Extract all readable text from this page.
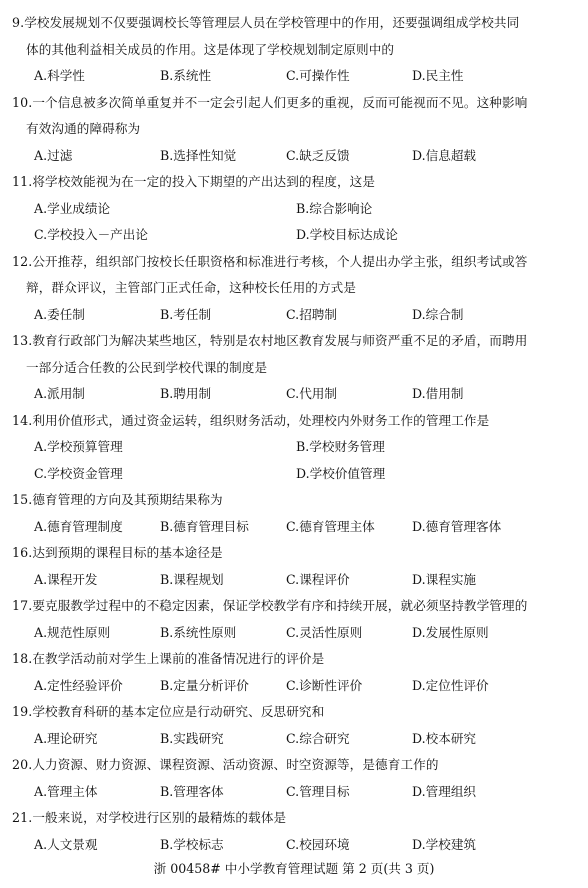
9.学校发展规划不仅要强调校长等管理层人员在学校管理中的作用，还要强调组成学校共同
体的其他利益相关成员的作用。这是体现了学校规划制定原则中的
A.科学性	B.系统性	C.可操作性	D.民主性
10.一个信息被多次简单重复并不一定会引起人们更多的重视，反而可能视而不见。这种影响
有效沟通的障碍称为
A.过滤	B.选择性知觉	C.缺乏反馈	D.信息超载
11.将学校效能视为在一定的投入下期望的产出达到的程度，这是
A.学业成绩论	B.综合影响论
C.学校投入－产出论	D.学校目标达成论
12.公开推荐，组织部门按校长任职资格和标准进行考核，个人提出办学主张，组织考试或答
辩，群众评议，主管部门正式任命，这种校长任用的方式是
A.委任制	B.考任制	C.招聘制	D.综合制
13.教育行政部门为解决某些地区，特别是农村地区教育发展与师资严重不足的矛盾，而聘用
一部分适合任教的公民到学校代课的制度是
A.派用制	B.聘用制	C.代用制	D.借用制
14.利用价值形式，通过资金运转，组织财务活动，处理校内外财务工作的管理工作是
A.学校预算管理	B.学校财务管理
C.学校资金管理	D.学校价值管理
15.德育管理的方向及其预期结果称为
A.德育管理制度	B.德育管理目标	C.德育管理主体	D.德育管理客体
16.达到预期的课程目标的基本途径是
A.课程开发	B.课程规划	C.课程评价	D.课程实施
17.要克服教学过程中的不稳定因素，保证学校教学有序和持续开展，就必须坚持教学管理的
A.规范性原则	B.系统性原则	C.灵活性原则	D.发展性原则
18.在教学活动前对学生上课前的准备情况进行的评价是
A.定性经验评价	B.定量分析评价	C.诊断性评价	D.定位性评价
19.学校教育科研的基本定位应是行动研究、反思研究和
A.理论研究	B.实践研究	C.综合研究	D.校本研究
20.人力资源、财力资源、课程资源、活动资源、时空资源等，是德育工作的
A.管理主体	B.管理客体	C.管理目标	D.管理组织
21.一般来说，对学校进行区别的最精炼的载体是
A.人文景观	B.学校标志	C.校园环境	D.学校建筑
浙 00458# 中小学教育管理试题 第 2 页(共 3 页)
